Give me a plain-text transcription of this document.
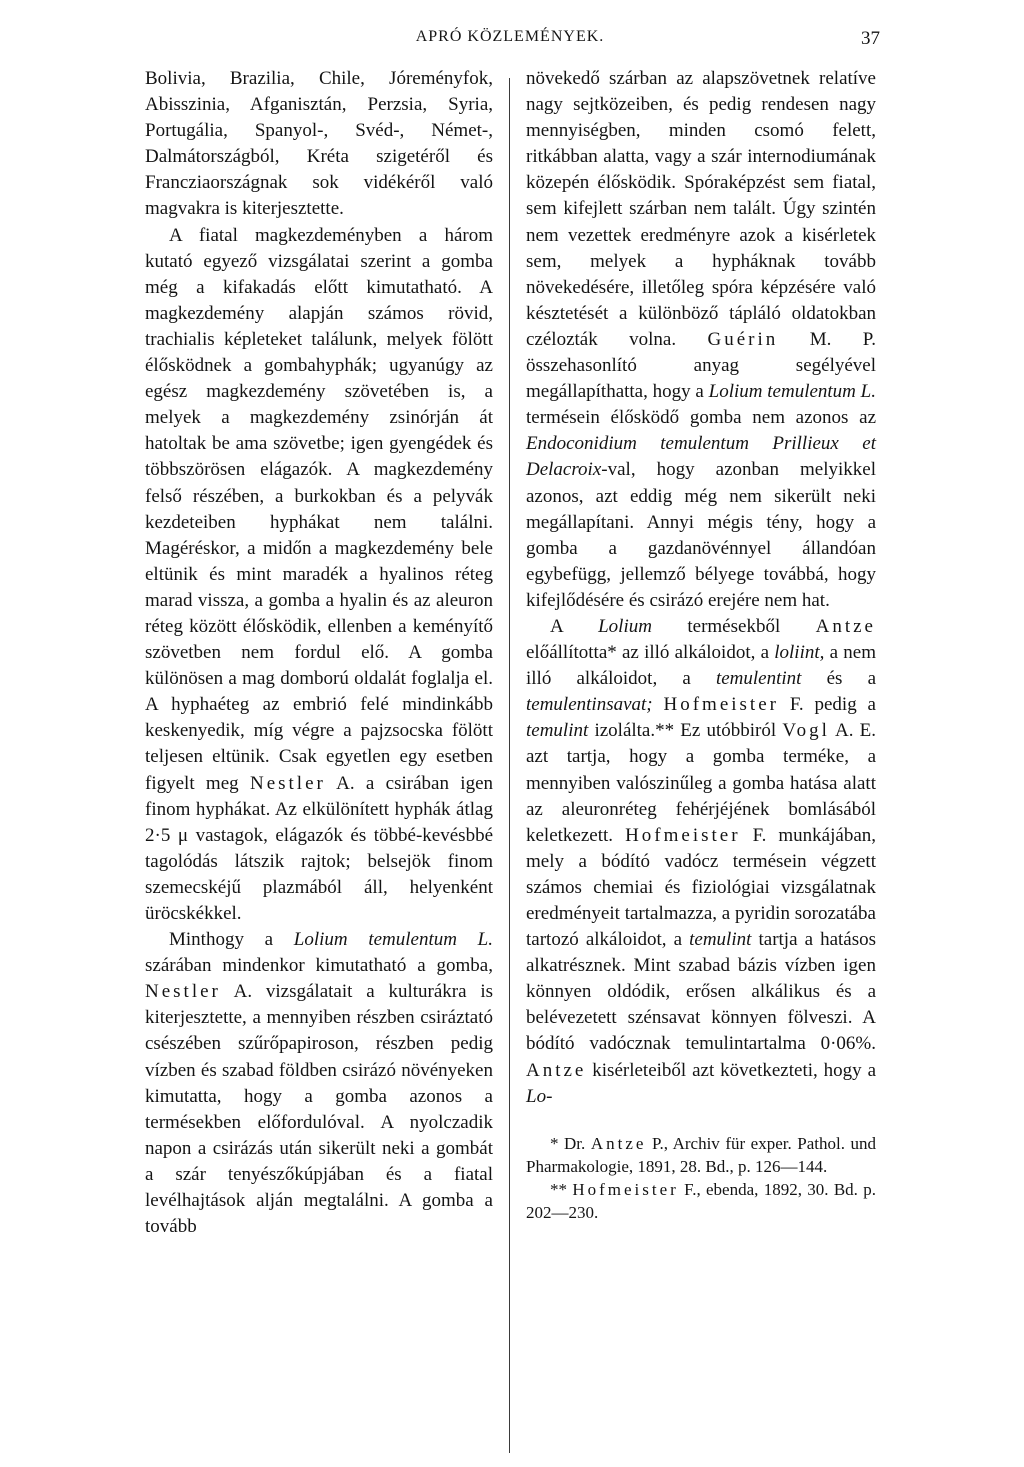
APRÓ KÖZLEMÉNYEK.	37

Bolivia, Brazilia, Chile, Jóreményfok, Abisszinia, Afganisztán, Perzsia, Syria, Portugália, Spanyol-, Svéd-, Német-, Dalmátországból, Kréta szigetéről és Francziaországnak sok vidékéről való magvakra is kiterjesztette.

A fiatal magkezdeményben a három kutató egyező vizsgálatai szerint a gomba még a kifakadás előtt kimutatható. A magkezdemény alapján számos rövid, trachialis képleteket találunk, melyek fölött élősködnek a gombahyphák; ugyanúgy az egész magkezdemény szövetében is, a melyek a magkezdemény zsinórján át hatoltak be ama szövetbe; igen gyengédek és többszörösen elágazók. A magkezdemény felső részében, a burkokban és a pelyvák kezdeteiben hyphákat nem találni. Magéréskor, a midőn a magkezdemény bele eltünik és mint maradék a hyalinos réteg marad vissza, a gomba a hyalin és az aleuron réteg között élősködik, ellenben a keményítő szövetben nem fordul elő. A gomba különösen a mag domború oldalát foglalja el. A hyphaéteg az embrió felé mindinkább keskenyedik, míg végre a pajzsocska fölött teljesen eltünik. Csak egyetlen egy esetben figyelt meg Nestler A. a csirában igen finom hyphákat. Az elkülönített hyphák átlag 2·5 μ vastagok, elágazók és többé-kevésbbé tagolódás látszik rajtok; belsejök finom szemecskéjű plazmából áll, helyenként üröcskékkel.

Minthogy a Lolium temulentum L. szárában mindenkor kimutatható a gomba, Nestler A. vizsgálatait a kulturákra is kiterjesztette, a mennyiben részben csiráztató csészében szűrőpapiroson, részben pedig vízben és szabad földben csirázó növényeken kimutatta, hogy a gomba azonos a termésekben előfordulóval. A nyolczadik napon a csirázás után sikerült neki a gombát a szár tenyészőkúpjában és a fiatal levélhajtások alján megtalálni. A gomba a tovább

növekedő szárban az alapszövetnek relatíve nagy sejtközeiben, és pedig rendesen nagy mennyiségben, minden csomó felett, ritkábban alatta, vagy a szár internodiumának közepén élősködik. Spóraképzést sem fiatal, sem kifejlett szárban nem talált. Úgy szintén nem vezettek eredményre azok a kisérletek sem, melyek a hypháknak tovább növekedésére, illetőleg spóra képzésére való késztetését a különböző tápláló oldatokban czélozták volna. Guérin M. P. összehasonlító anyag segélyével megállapíthatta, hogy a Lolium temulentum L. termésein élősködő gomba nem azonos az Endoconidium temulentum Prillieux et Delacroix-val, hogy azonban melyikkel azonos, azt eddig még nem sikerült neki megállapítani. Annyi mégis tény, hogy a gomba a gazdanövénnyel állandóan egybefügg, jellemző bélyege továbbá, hogy kifejlődésére és csirázó erejére nem hat.

A Lolium termésekből Antze előállította* az illó alkáloidot, a loliint, a nem illó alkáloidot, a temulentint és a temulentinsavat; Hofmeister F. pedig a temulint izolálta.** Ez utóbbiról Vogl A. E. azt tartja, hogy a gomba terméke, a mennyiben valószinűleg a gomba hatása alatt az aleuronréteg fehérjéjének bomlásából keletkezett. Hofmeister F. munkájában, mely a bódító vadócz termésein végzett számos chemiai és fiziológiai vizsgálatnak eredményeit tartalmazza, a pyridin sorozatába tartozó alkáloidot, a temulint tartja a hatásos alkatrésznek. Mint szabad bázis vízben igen könnyen oldódik, erősen alkálikus és a belévezetett szénsavat könnyen fölveszi. A bódító vadócznak temulintartalma 0·06%. Antze kisérleteiből azt következteti, hogy a Lo-

* Dr. Antze P., Archiv für exper. Pathol. und Pharmakologie, 1891, 28. Bd., p. 126—144.

** Hofmeister F., ebenda, 1892, 30. Bd. p. 202—230.
